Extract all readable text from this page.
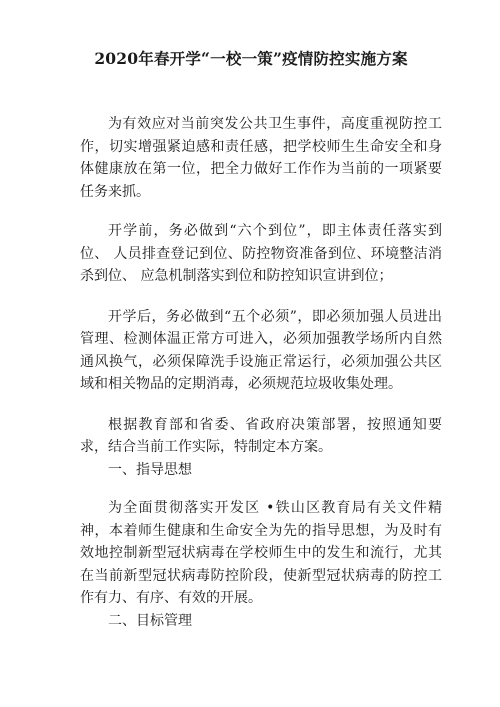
2020年春开学“一校一策”疫情防控实施方案

为有效应对当前突发公共卫生事件，高度重视防控工作，切实增强紧迫感和责任感，把学校师生生命安全和身体健康放在第一位，把全力做好工作作为当前的一项紧要任务来抓。

开学前，务必做到“六个到位”，即主体责任落实到位、 人员排查登记到位、防控物资准备到位、环境整洁消杀到位、 应急机制落实到位和防控知识宣讲到位；

开学后，务必做到“五个必须”，即必须加强人员进出管理、检测体温正常方可进入，必须加强教学场所内自然通风换气，必须保障洗手设施正常运行，必须加强公共区域和相关物品的定期消毒，必须规范垃圾收集处理。

根据教育部和省委、省政府决策部署，按照通知要求，结合当前工作实际，特制定本方案。

一、指导思想

为全面贯彻落实开发区 •铁山区教育局有关文件精神，本着师生健康和生命安全为先的指导思想，为及时有效地控制新型冠状病毒在学校师生中的发生和流行，尤其在当前新型冠状病毒防控阶段，使新型冠状病毒的防控工作有力、有序、有效的开展。

二、目标管理
